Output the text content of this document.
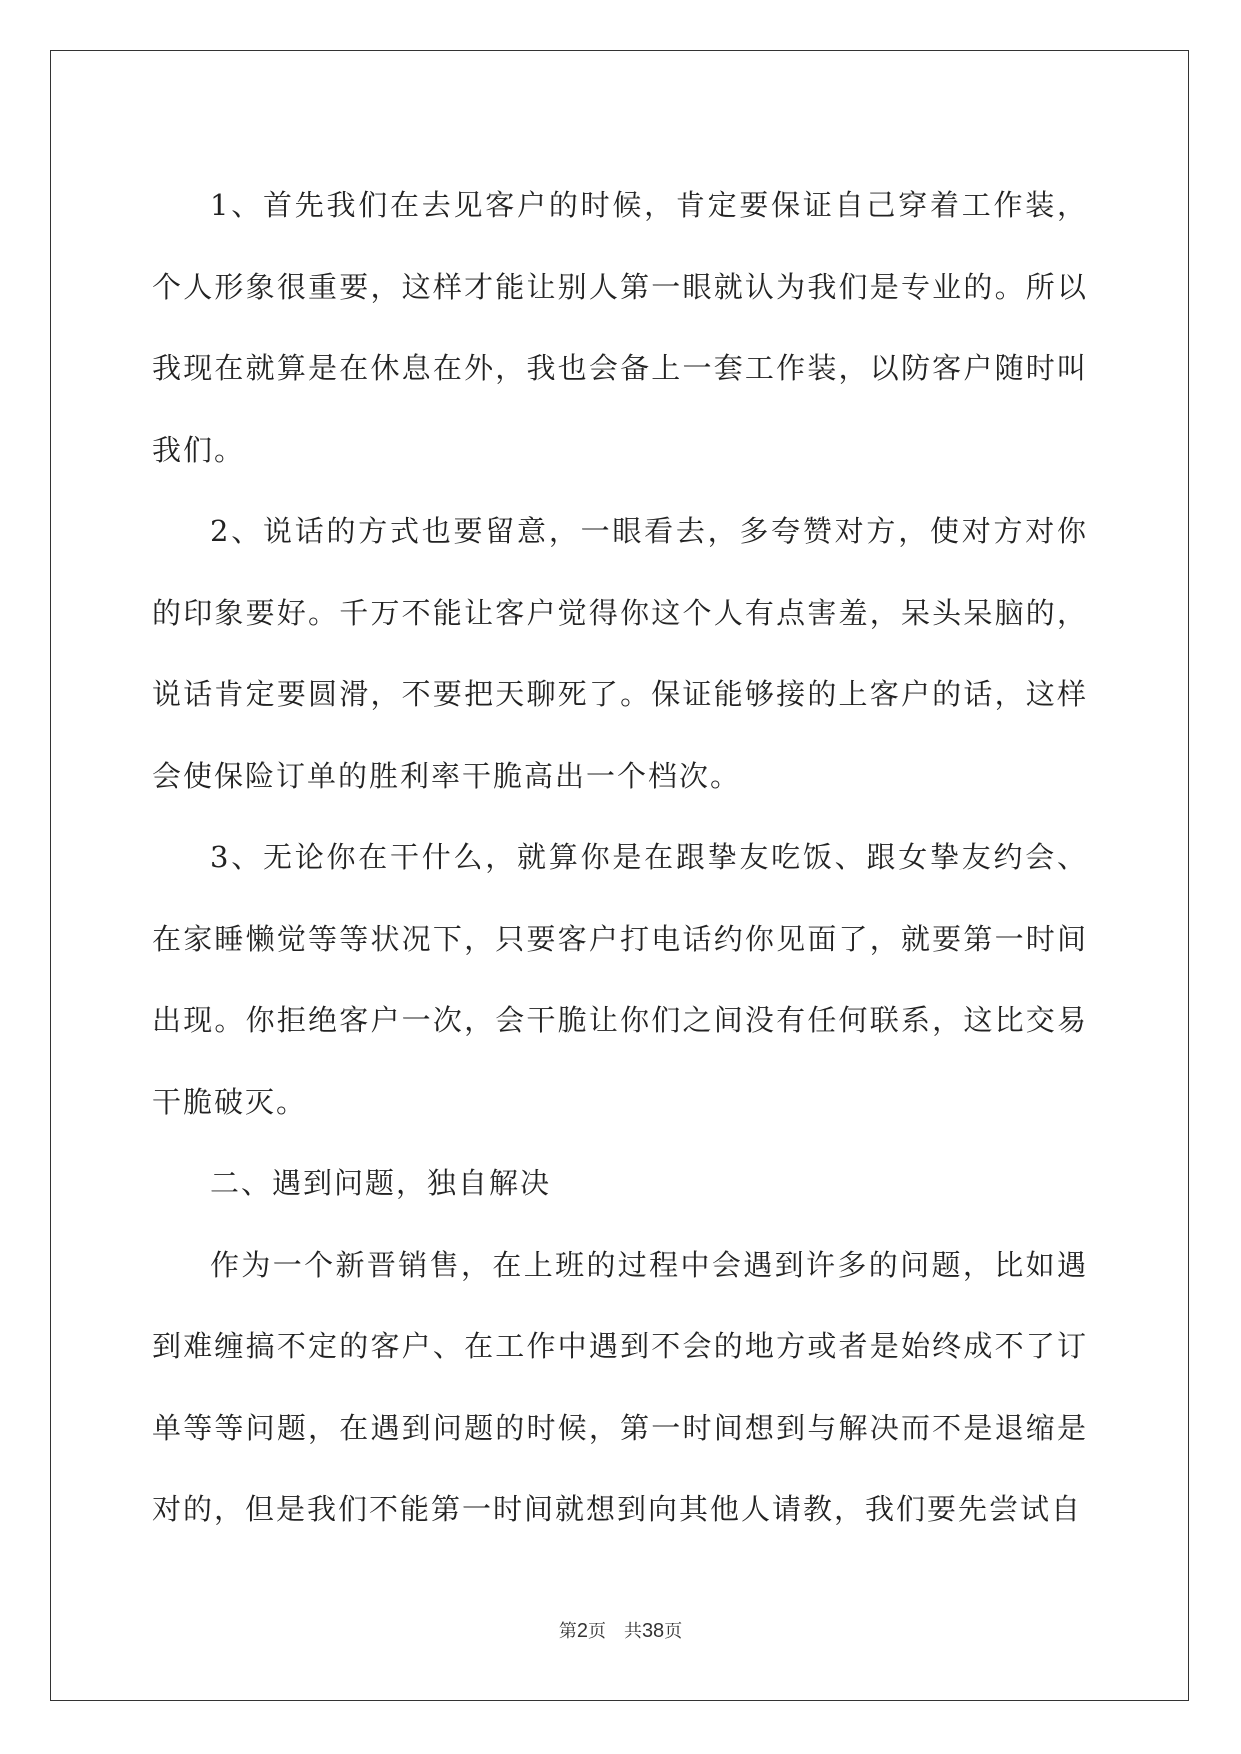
1、首先我们在去见客户的时候，肯定要保证自己穿着工作装，个人形象很重要，这样才能让别人第一眼就认为我们是专业的。所以我现在就算是在休息在外，我也会备上一套工作装，以防客户随时叫我们。

2、说话的方式也要留意，一眼看去，多夸赞对方，使对方对你的印象要好。千万不能让客户觉得你这个人有点害羞，呆头呆脑的，说话肯定要圆滑，不要把天聊死了。保证能够接的上客户的话，这样会使保险订单的胜利率干脆高出一个档次。

3、无论你在干什么，就算你是在跟挚友吃饭、跟女挚友约会、在家睡懒觉等等状况下，只要客户打电话约你见面了，就要第一时间出现。你拒绝客户一次，会干脆让你们之间没有任何联系，这比交易干脆破灭。

二、遇到问题，独自解决

作为一个新晋销售，在上班的过程中会遇到许多的问题，比如遇到难缠搞不定的客户、在工作中遇到不会的地方或者是始终成不了订单等等问题，在遇到问题的时候，第一时间想到与解决而不是退缩是对的，但是我们不能第一时间就想到向其他人请教，我们要先尝试自

第2页 共38页
